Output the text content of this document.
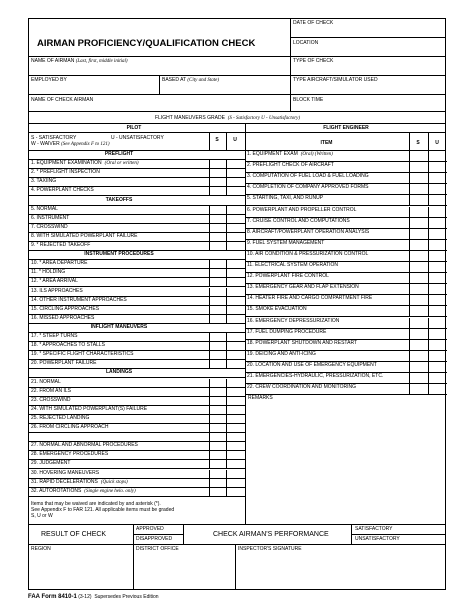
AIRMAN PROFICIENCY/QUALIFICATION CHECK
DATE OF CHECK
LOCATION
NAME OF AIRMAN (Last, first, middle initial)	TYPE OF CHECK
EMPLOYED BY	BASED AT (City and State)	TYPE AIRCRAFT/SIMULATOR USED
NAME OF CHECK AIRMAN	BLOCK TIME
FLIGHT MANEUVERS GRADE (S - Satisfactory U - Unsatisfactory)
PILOT
S - SATISFACTORY	U - UNSATISFACTORY
W - WAIVER (See Appendix F to 121)
S	U
PREFLIGHT
1. EQUIPMENT EXAMINATION (Oral or written)
2. * PREFLIGHT INSPECTION
3. TAXIING
4. POWERPLANT CHECKS
TAKEOFFS
5. NORMAL
6. INSTRUMENT
7. CROSSWIND
8. WITH SIMULATED POWERPLANT FAILURE
9. * REJECTED TAKEOFF
INSTRUMENT PROCEDURES
10. * AREA DEPARTURE
11. * HOLDING
12. * AREA ARRIVAL
13. ILS APPROACHES
14. OTHER INSTRUMENT APPROACHES
15. CIRCLING APPROACHES
16. MISSED APPROACHES
INFLIGHT MANEUVERS
17. * STEEP TURNS
18. * APPROACHES TO STALLS
19. * SPECIFIC FLIGHT CHARACTERISTICS
20. POWERPLANT FAILURE
LANDINGS
21. NORMAL
22. FROM AN ILS
23. CROSSWIND
24. WITH SIMULATED POWERPLANT(S) FAILURE
25. REJECTED LANDING
26. FROM CIRCLING APPROACH
27. NORMAL AND ABNORMAL PROCEDURES
28. EMERGENCY PROCEDURES
29. JUDGEMENT
30. HOVERING MANEUVERS
31. RAPID DECELERATIONS (Quick stops)
32. AUTOROTATIONS (Single engine helo. only)
Items that may be waived are indicated by and asterisk (*).
See Appendix F to FAR 121. All applicable items must be graded
S, U or W
FLIGHT ENGINEER
ITEM	S	U
1. EQUIPMENT EXAM (Oral) (Written)
2. PREFLIGHT CHECK OF AIRCRAFT
3. COMPUTATION OF FUEL LOAD & FUEL LOADING
4. COMPLETION OF COMPANY APPROVED FORMS
5. STARTING, TAXI, AND RUNUP
6. POWERPLANT AND PROPELLER CONTROL
7. CRUISE CONTROL AND COMPUTATIONS
8. AIRCRAFT/POWERPLANT OPERATION ANALYSIS
9. FUEL SYSTEM MANAGEMENT
10. AIR CONDITION & PRESSURIZATION CONTROL
11. ELECTRICAL SYSTEM OPERATION
12. POWERPLANT FIRE CONTROL
13. EMERGENCY GEAR AND FLAP EXTENSION
14. HEATER FIRE AND CARGO COMPARTMENT FIRE
15. SMOKE EVACUATION
16. EMERGENCY DEPRESSURIZATION
17. FUEL DUMPING PROCEDURE
18. POWERPLANT SHUTDOWN AND RESTART
19. DEICING AND ANTI-ICING
20. LOCATION AND USE OF EMERGENCY EQUIPMENT
21. EMERGENCIES-HYDRAULIC, PRESSURIZATION, ETC.
22. CREW COORDINATION AND MONITORING
REMARKS
RESULT OF CHECK
APPROVED
DISAPPROVED
CHECK AIRMAN'S PERFORMANCE
SATISFACTORY
UNSATISFACTORY
REGION	DISTRICT OFFICE	INSPECTOR'S SIGNATURE
FAA Form 8410-1 (3-12) Supersedes Previous Edition
